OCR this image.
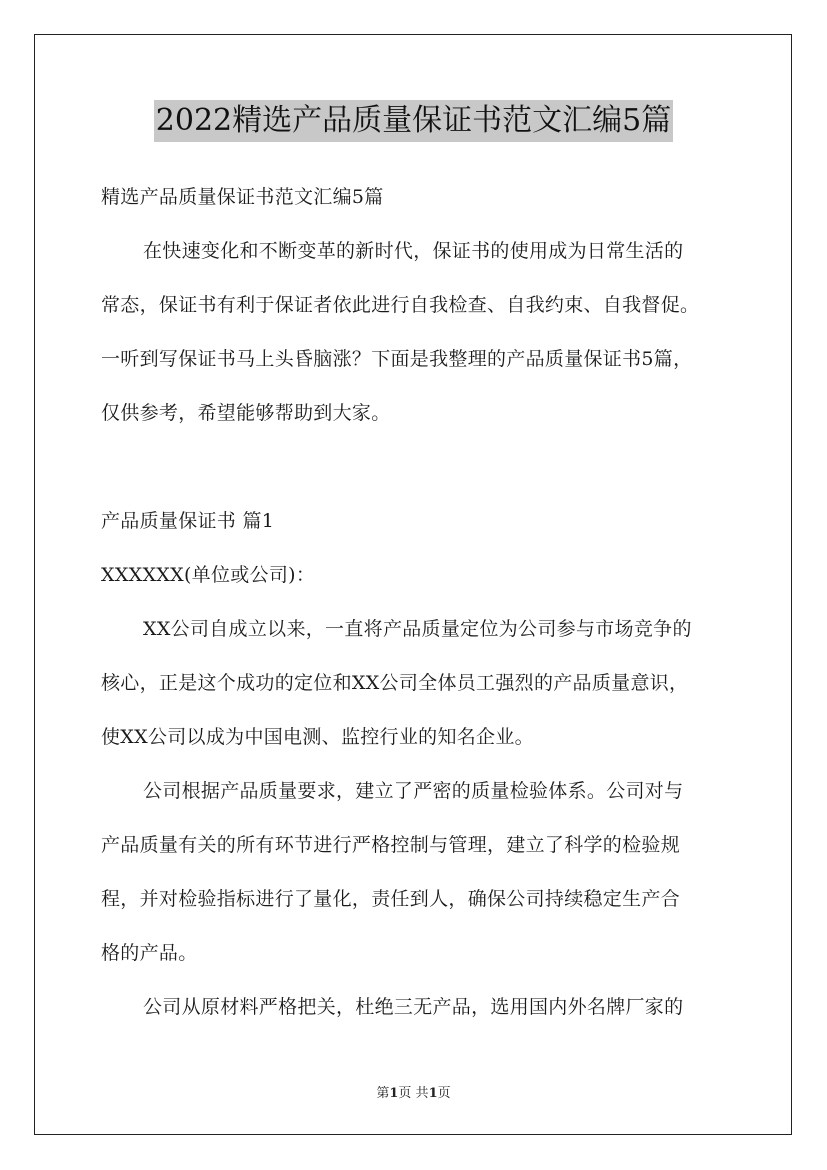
2022精选产品质量保证书范文汇编5篇
精选产品质量保证书范文汇编5篇
在快速变化和不断变革的新时代，保证书的使用成为日常生活的
常态，保证书有利于保证者依此进行自我检查、自我约束、自我督促。
一听到写保证书马上头昏脑涨？下面是我整理的产品质量保证书5篇，
仅供参考，希望能够帮助到大家。
产品质量保证书 篇1
XXXXXX(单位或公司)：
XX公司自成立以来，一直将产品质量定位为公司参与市场竞争的
核心，正是这个成功的定位和XX公司全体员工强烈的产品质量意识，
使XX公司以成为中国电测、监控行业的知名企业。
公司根据产品质量要求，建立了严密的质量检验体系。公司对与
产品质量有关的所有环节进行严格控制与管理，建立了科学的检验规
程，并对检验指标进行了量化，责任到人，确保公司持续稳定生产合
格的产品。
公司从原材料严格把关，杜绝三无产品，选用国内外名牌厂家的
第1页 共1页
